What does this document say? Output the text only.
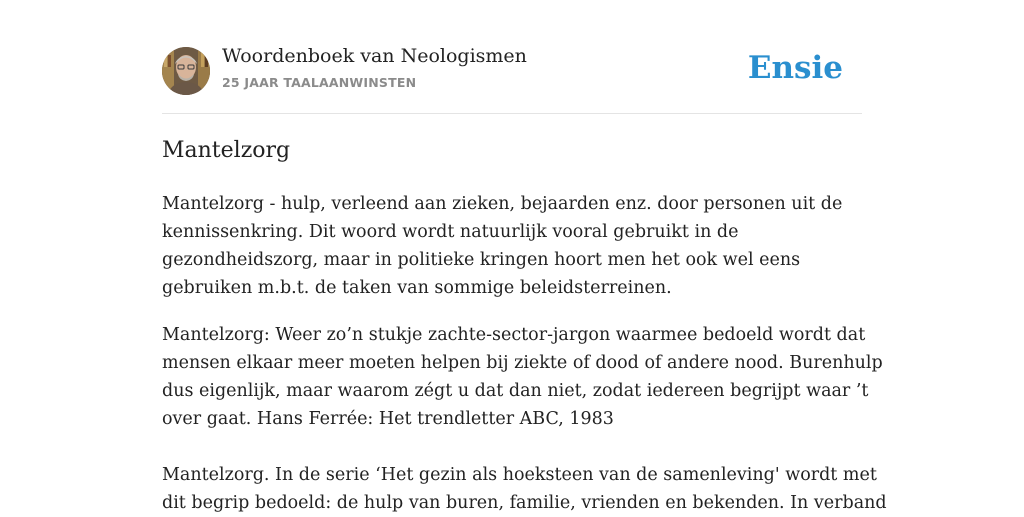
Woordenboek van Neologismen
25 JAAR TAALAANWINSTEN	Ensie
Mantelzorg

Mantelzorg - hulp, verleend aan zieken, bejaarden enz. door personen uit de
kennissenkring. Dit woord wordt natuurlijk vooral gebruikt in de
gezondheidszorg, maar in politieke kringen hoort men het ook wel eens
gebruiken m.b.t. de taken van sommige beleidsterreinen.

Mantelzorg: Weer zo’n stukje zachte-sector-jargon waarmee bedoeld wordt dat
mensen elkaar meer moeten helpen bij ziekte of dood of andere nood. Burenhulp
dus eigenlijk, maar waarom zégt u dat dan niet, zodat iedereen begrijpt waar ’t
over gaat. Hans Ferrée: Het trendletter ABC, 1983

Mantelzorg. In de serie ‘Het gezin als hoeksteen van de samenleving' wordt met
dit begrip bedoeld: de hulp van buren, familie, vrienden en bekenden. In verband
